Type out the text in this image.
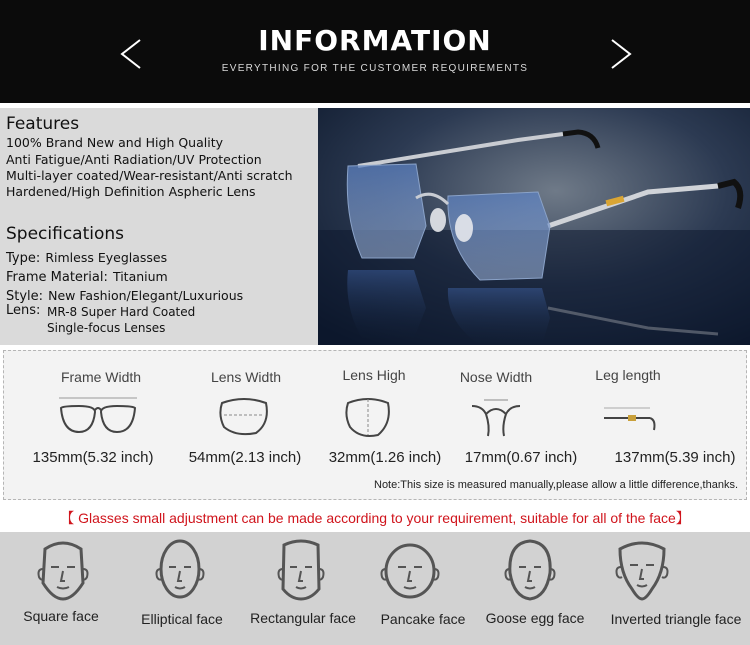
INFORMATION
EVERYTHING FOR THE CUSTOMER REQUIREMENTS
Features
100% Brand New and High Quality
Anti Fatigue/Anti Radiation/UV Protection
Multi-layer coated/Wear-resistant/Anti scratch
Hardened/High Definition Aspheric Lens
Specifications
Type: Rimless Eyeglasses
Frame Material: Titanium
Style: New Fashion/Elegant/Luxurious
Lens: MR-8 Super Hard Coated
Single-focus Lenses
Frame Width	Lens Width	Lens High	Nose Width	Leg length
135mm(5.32 inch)	54mm(2.13 inch)	32mm(1.26 inch)	17mm(0.67 inch)	137mm(5.39 inch)
Note:This size is measured manually,please allow a little difference,thanks.
【 Glasses small adjustment can be made according to your requirement, suitable for all of the face】
Square face	Elliptical face	Rectangular face	Pancake face	Goose egg face	Inverted triangle face
